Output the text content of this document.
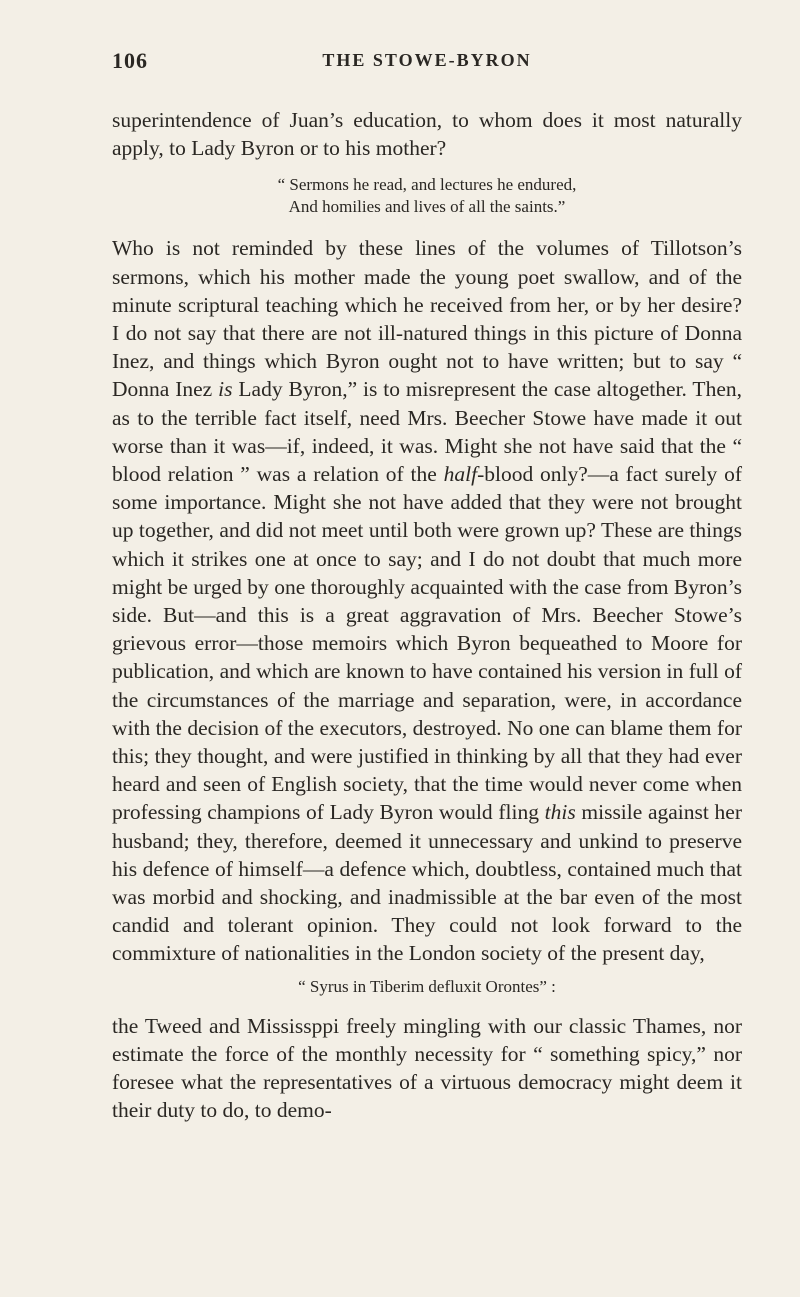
106	THE STOWE-BYRON

superintendence of Juan’s education, to whom does it most naturally apply, to Lady Byron or to his mother?

“ Sermons he read, and lectures he endured,
And homilies and lives of all the saints.”

Who is not reminded by these lines of the volumes of Tillotson’s sermons, which his mother made the young poet swallow, and of the minute scriptural teaching which he received from her, or by her desire? I do not say that there are not ill-natured things in this picture of Donna Inez, and things which Byron ought not to have written; but to say “ Donna Inez is Lady Byron,” is to misrepresent the case altogether. Then, as to the terrible fact itself, need Mrs. Beecher Stowe have made it out worse than it was—if, indeed, it was. Might she not have said that the “ blood relation ” was a relation of the half-blood only?—a fact surely of some importance. Might she not have added that they were not brought up together, and did not meet until both were grown up? These are things which it strikes one at once to say; and I do not doubt that much more might be urged by one thoroughly acquainted with the case from Byron’s side. But—and this is a great aggravation of Mrs. Beecher Stowe’s grievous error—those memoirs which Byron bequeathed to Moore for publication, and which are known to have contained his version in full of the circumstances of the marriage and separation, were, in accordance with the decision of the executors, destroyed. No one can blame them for this; they thought, and were justified in thinking by all that they had ever heard and seen of English society, that the time would never come when professing champions of Lady Byron would fling this missile against her husband; they, therefore, deemed it unnecessary and unkind to preserve his defence of himself—a defence which, doubtless, contained much that was morbid and shocking, and inadmissible at the bar even of the most candid and tolerant opinion. They could not look forward to the commixture of nationalities in the London society of the present day,

“ Syrus in Tiberim defluxit Orontes” :

the Tweed and Mississppi freely mingling with our classic Thames, nor estimate the force of the monthly necessity for “ something spicy,” nor foresee what the representatives of a virtuous democracy might deem it their duty to do, to demo-
